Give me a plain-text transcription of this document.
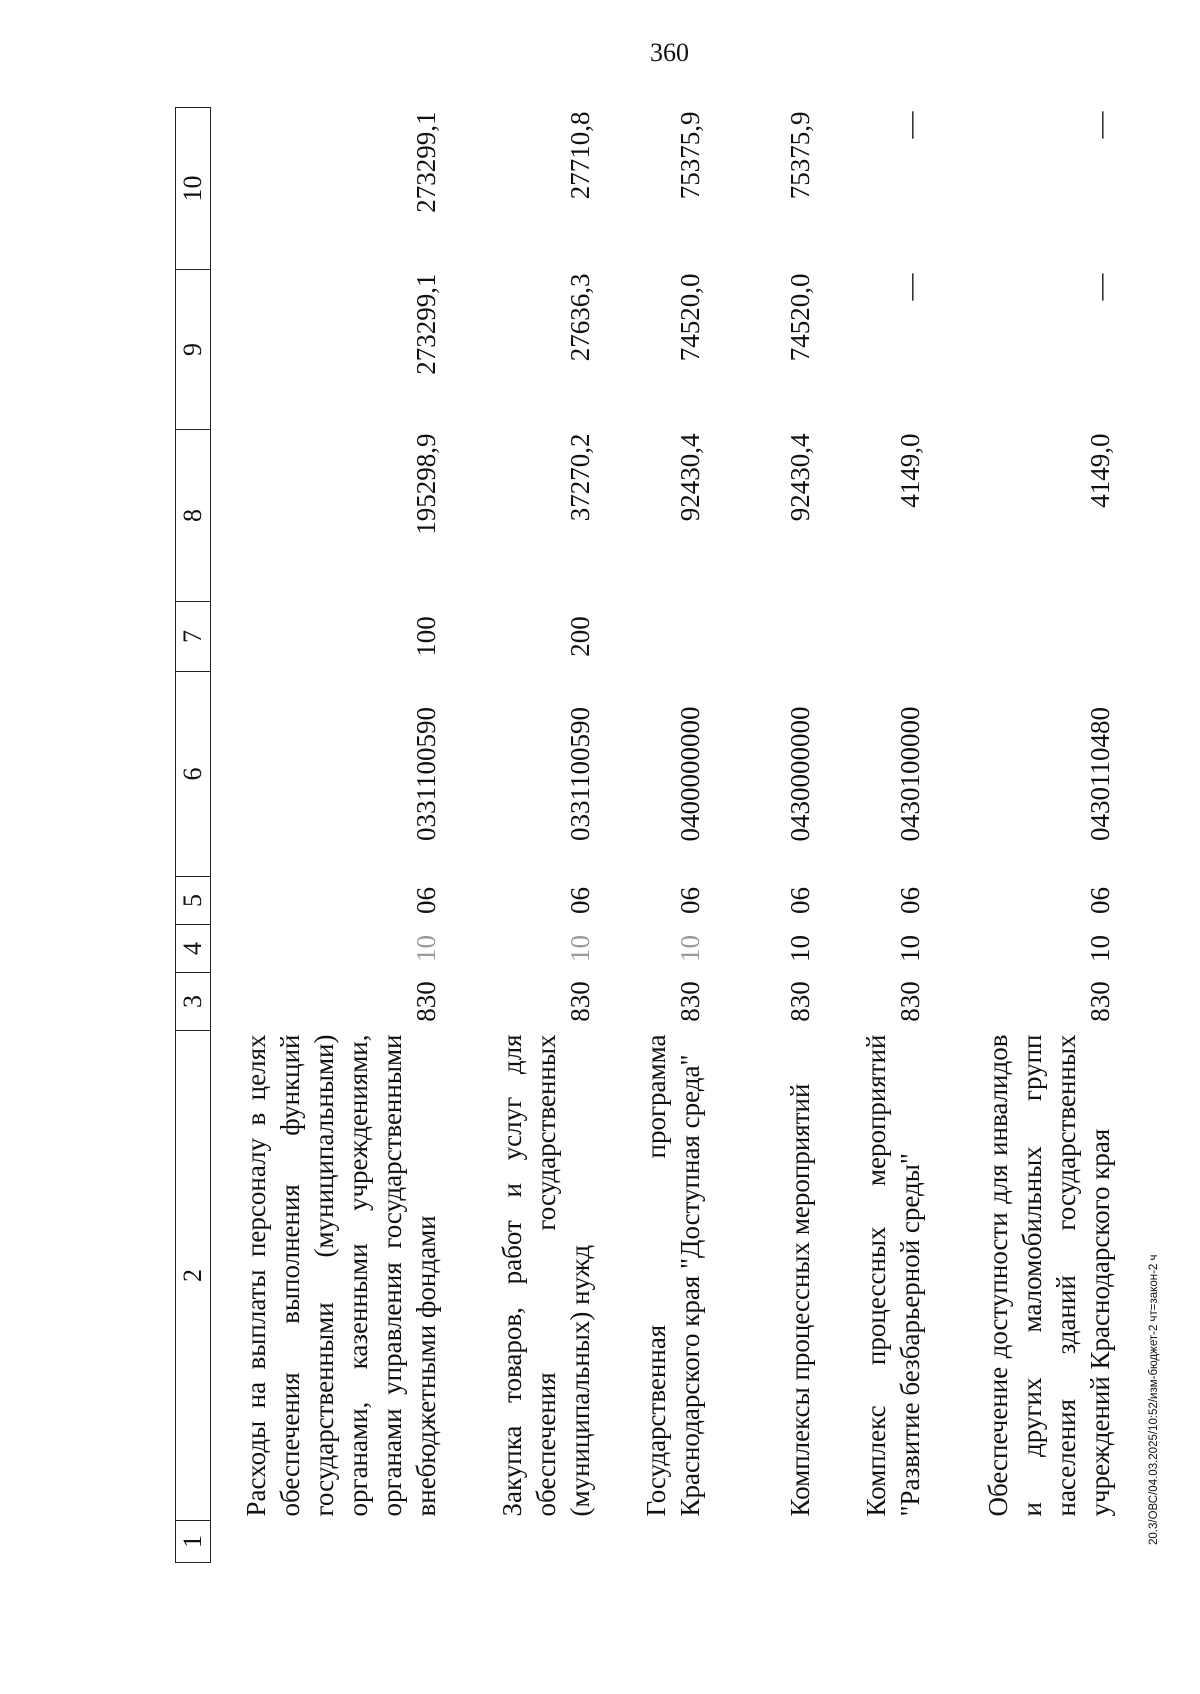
360
1	2	3	4	5	6	7	8	9	10
	Расходы на выплаты персоналу в целях обеспечения выполнения функций государственными (муниципальными) органами, казенными учреждениями, органами управления государственными внебюджетными фондами	830	10	06	0331100590	100	195298,9	273299,1	273299,1
	Закупка товаров, работ и услуг для обеспечения государственных (муниципальных) нужд	830	10	06	0331100590	200	37270,2	27636,3	27710,8
	Государственная программа Краснодарского края "Доступная среда"	830	10	06	0400000000		92430,4	74520,0	75375,9
	Комплексы процессных мероприятий	830	10	06	0430000000		92430,4	74520,0	75375,9
	Комплекс процессных мероприятий "Развитие безбарьерной среды"	830	10	06	0430100000		4149,0	—	—
	Обеспечение доступности для инвалидов и других маломобильных групп населения зданий государственных учреждений Краснодарского края	830	10	06	0430110480		4149,0	—	—
20.3/ОВС/04.03.2025/10:52/изм-бюджет-2 чт=закон-2 ч
